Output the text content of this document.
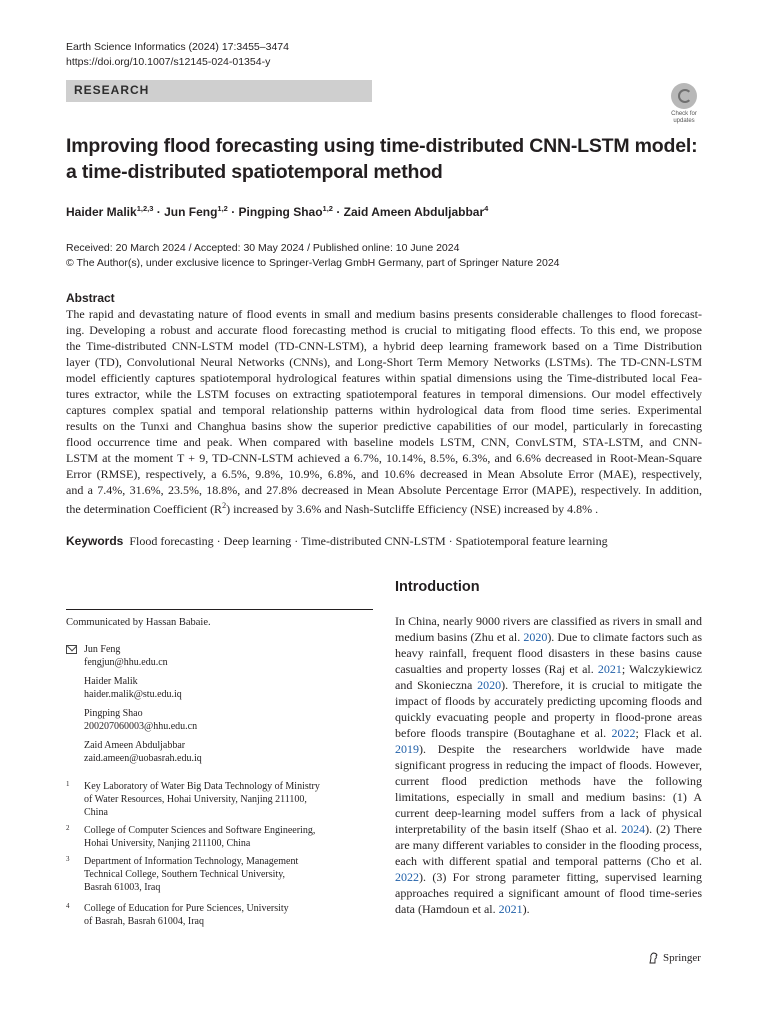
Earth Science Informatics (2024) 17:3455–3474
https://doi.org/10.1007/s12145-024-01354-y
RESEARCH
Check for
updates
Improving flood forecasting using time-distributed CNN-LSTM model:
a time-distributed spatiotemporal method
Haider Malik$^{1,2,3}$ · Jun Feng$^{1,2}$ · Pingping Shao$^{1,2}$ · Zaid Ameen Abduljabbar$^4$
Received: 20 March 2024 / Accepted: 30 May 2024 / Published online: 10 June 2024
© The Author(s), under exclusive licence to Springer-Verlag GmbH Germany, part of Springer Nature 2024
Abstract
The rapid and devastating nature of flood events in small and medium basins presents considerable challenges to flood forecast-
ing. Developing a robust and accurate flood forecasting method is crucial to mitigating flood effects. To this end, we propose
the Time-distributed CNN-LSTM model (TD-CNN-LSTM), a hybrid deep learning framework based on a Time Distribution
layer (TD), Convolutional Neural Networks (CNNs), and Long-Short Term Memory Networks (LSTMs). The TD-CNN-LSTM
model efficiently captures spatiotemporal hydrological features within spatial dimensions using the Time-distributed local Fea-
tures extractor, while the LSTM focuses on extracting spatiotemporal features in temporal dimensions. Our model effectively
captures complex spatial and temporal relationship patterns within hydrological data from flood time series. Experimental
results on the Tunxi and Changhua basins show the superior predictive capabilities of our model, particularly in forecasting
flood occurrence time and peak. When compared with baseline models LSTM, CNN, ConvLSTM, STA-LSTM, and CNN-
LSTM at the moment T + 9, TD-CNN-LSTM achieved a 6.7%, 10.14%, 8.5%, 6.3%, and 6.6% decreased in Root-Mean-Square
Error (RMSE), respectively, a 6.5%, 9.8%, 10.9%, 6.8%, and 10.6% decreased in Mean Absolute Error (MAE), respectively,
and a 7.4%, 31.6%, 23.5%, 18.8%, and 27.8% decreased in Mean Absolute Percentage Error (MAPE), respectively. In addition,
the determination Coefficient $(R^2)$ increased by 3.6% and Nash-Sutcliffe Efficiency (NSE) increased by 4.8% .
Keywords Flood forecasting · Deep learning · Time-distributed CNN-LSTM · Spatiotemporal feature learning
Communicated by Hassan Babaie.
Jun Feng
fengjun@hhu.edu.cn
Haider Malik
haider.malik@stu.edu.iq
Pingping Shao
200207060003@hhu.edu.cn
Zaid Ameen Abduljabbar
zaid.ameen@uobasrah.edu.iq
1 Key Laboratory of Water Big Data Technology of Ministry
of Water Resources, Hohai University, Nanjing 211100,
China
2 College of Computer Sciences and Software Engineering,
Hohai University, Nanjing 211100, China
3 Department of Information Technology, Management
Technical College, Southern Technical University,
Basrah 61003, Iraq
4 College of Education for Pure Sciences, University
of Basrah, Basrah 61004, Iraq
Introduction

In China, nearly 9000 rivers are classified as rivers in small and medium basins (Zhu et al. 2020). Due to climate factors such as heavy rainfall, frequent flood disasters in these basins cause casualties and property losses (Raj et al. 2021; Walczykiewicz and Skonieczna 2020). Therefore, it is crucial to mitigate the impact of floods by accurately predicting upcoming floods and quickly evacuating people and property in flood-prone areas before floods transpire (Boutaghane et al. 2022; Flack et al. 2019). Despite the researchers worldwide have made significant progress in reducing the impact of floods. However, current flood prediction methods have the following limitations, especially in small and medium basins: (1) A current deep-learning model suffers from a lack of physical interpretability of the basin itself (Shao et al. 2024). (2) There are many different variables to consider in the flooding process, each with different spatial and temporal patterns (Cho et al. 2022). (3) For strong parameter fitting, supervised learning approaches required a significant amount of flood time-series data (Hamdoun et al. 2021).

Springer
